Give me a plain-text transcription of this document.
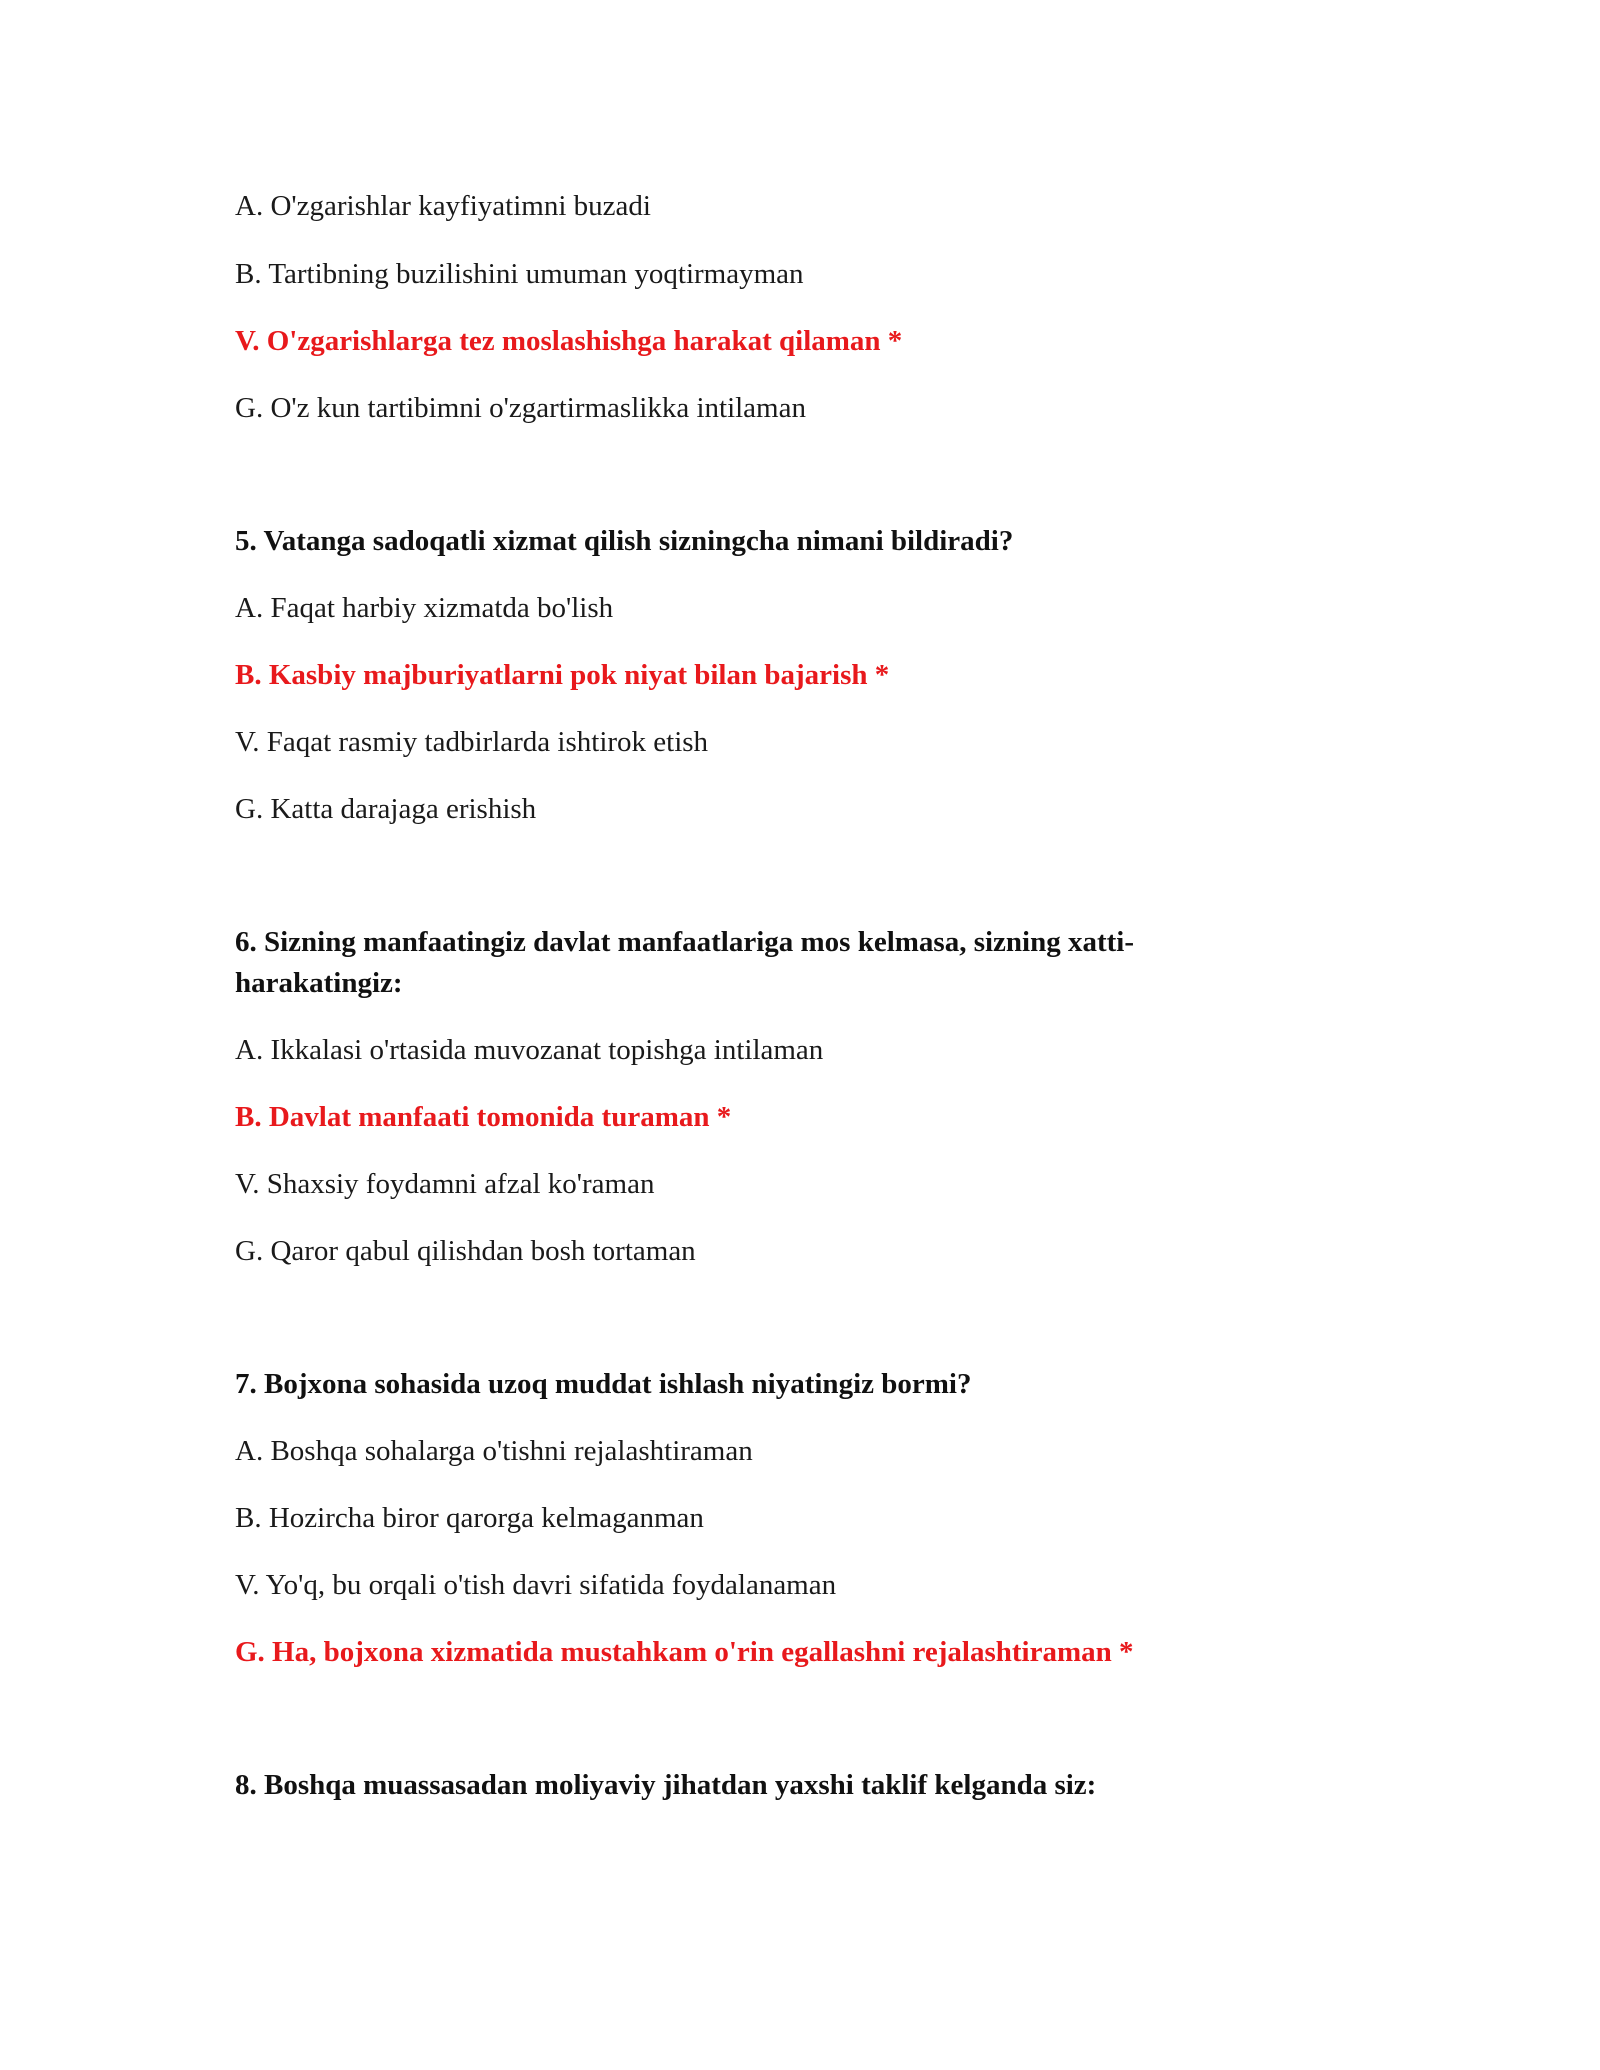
A. O'zgarishlar kayfiyatimni buzadi
B. Tartibning buzilishini umuman yoqtirmayman
V. O'zgarishlarga tez moslashishga harakat qilaman *
G. O'z kun tartibimni o'zgartirmaslikka intilaman
5. Vatanga sadoqatli xizmat qilish sizningcha nimani bildiradi?
A. Faqat harbiy xizmatda bo'lish
B. Kasbiy majburiyatlarni pok niyat bilan bajarish *
V. Faqat rasmiy tadbirlarda ishtirok etish
G. Katta darajaga erishish
6. Sizning manfaatingiz davlat manfaatlariga mos kelmasa, sizning xatti-
harakatingiz:
A. Ikkalasi o'rtasida muvozanat topishga intilaman
B. Davlat manfaati tomonida turaman *
V. Shaxsiy foydamni afzal ko'raman
G. Qaror qabul qilishdan bosh tortaman
7. Bojxona sohasida uzoq muddat ishlash niyatingiz bormi?
A. Boshqa sohalarga o'tishni rejalashtiraman
B. Hozircha biror qarorga kelmaganman
V. Yo'q, bu orqali o'tish davri sifatida foydalanaman
G. Ha, bojxona xizmatida mustahkam o'rin egallashni rejalashtiraman *
8. Boshqa muassasadan moliyaviy jihatdan yaxshi taklif kelganda siz:
